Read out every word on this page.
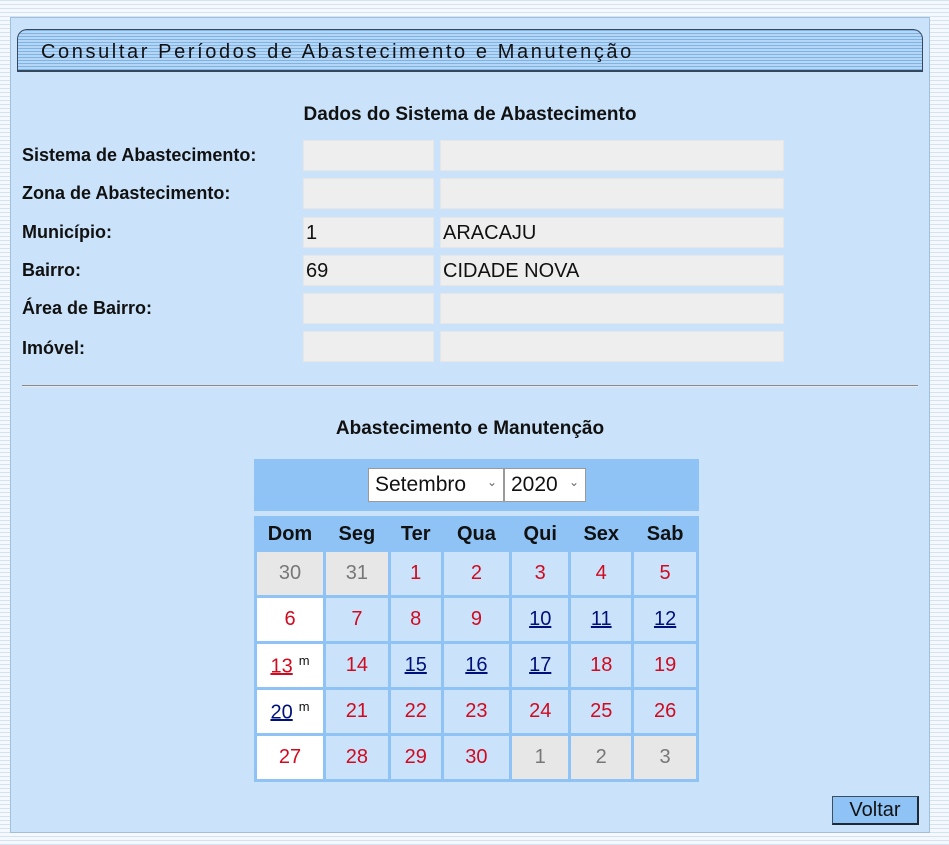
Consultar Períodos de Abastecimento e Manutenção
Dados do Sistema de Abastecimento
Sistema de Abastecimento:
Zona de Abastecimento:
Município:	1	ARACAJU
Bairro:	69	CIDADE NOVA
Área de Bairro:
Imóvel:
Abastecimento e Manutenção
Setembro ⌄ 2020 ⌄
Dom	Seg	Ter	Qua	Qui	Sex	Sab
30	31	1	2	3	4	5
6	7	8	9	10	11	12
13 m	14	15	16	17	18	19
20 m	21	22	23	24	25	26
27	28	29	30	1	2	3
Voltar
